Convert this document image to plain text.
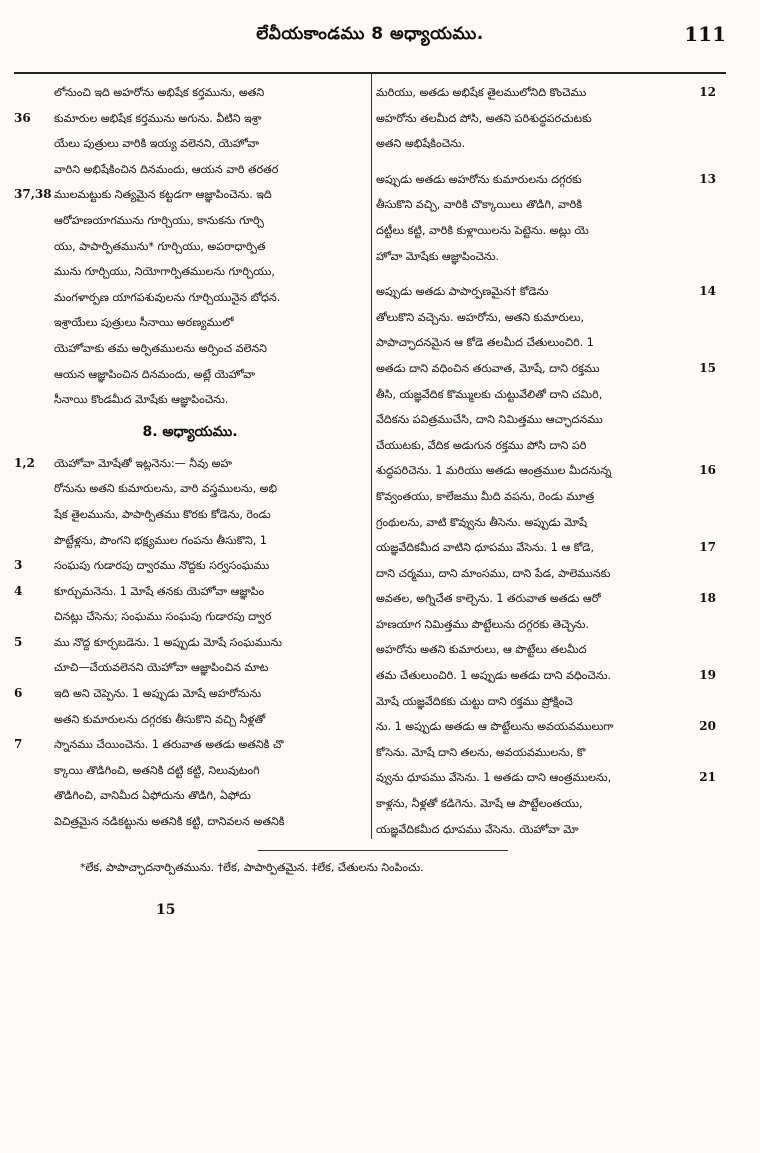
లేవీయకాండము 8 అధ్యాయము.	111
లోనుంచి ఇది అహరోను అభిషేక కర్తమును, అతని
36	కుమారుల అభిషేక కర్తమును అగును. వీటిని ఇశ్రా
యేలు పుత్రులు వారికి ఇయ్య వలెనని, యెహోవా
వారిని అభిషేకించిన దినమందు, ఆయన వారి తరతర
37,38 ములమట్టుకు నిత్యమైన కట్టడగా ఆజ్ఞాపించెను. ఇది
ఆరోహణయాగమును గూర్చియు, కానుకను గూర్చి
యు, పాపార్పితమును* గూర్చియు, అపరాధార్పిత
మును గూర్చియు, నియోగార్పితములను గూర్చియు,
మంగళార్పణ యాగపశువులను గూర్చియునైన బోధన.
ఇశ్రాయేలు పుత్రులు సీనాయి అరణ్యములో
యెహోవాకు తమ అర్పితములను అర్పించ వలెనని
ఆయన ఆజ్ఞాపించిన దినమందు, అట్లే యెహోవా
సీనాయి కొండమీద మోషేకు ఆజ్ఞాపించెను.
8. అధ్యాయము.
1,2	యెహోవా మోషేతో ఇట్లనెను:— నీవు అహ
రోనును అతని కుమారులను, వారి వస్త్రములను, అభి
షేక తైలమును, పాపార్పితము కొరకు కోడెను, రెండు
పొట్టేళ్లను, పొంగని భక్ష్యముల గంపను తీసుకొని, 1
3	సంఘపు గుడారపు ద్వారము నొద్దకు సర్వసంఘము
4	కూర్చుమనెను. 1 మోషే తనకు యెహోవా ఆజ్ఞాపిం
చినట్లు చేసెను; సంఘము సంఘపు గుడారపు ద్వార
5	ము నొద్ద కూర్చబడెను. 1 అప్పుడు మోషే సంఘమును
చూచి—చేయవలెనని యెహోవా ఆజ్ఞాపించిన మాట
6	ఇది అని చెప్పెను. 1 అప్పుడు మోషే అహరోనును
అతని కుమారులను దగ్గరకు తీసుకొని వచ్చి నీళ్లతో
7	స్నానము చేయించెను. 1 తరువాత అతడు అతనికి చొ
క్కాయి తొడిగించి, అతనికి దట్టి కట్టి, నిలువుటంగి
తొడిగించి, వానిమీద ఏఫోదును తొడిగి, ఏఫోదు
విచిత్రమైన నడికట్టును అతనికి కట్టి, దానివలన అతనికి
12
మరియు, అతడు అభిషేక తైలములోనిది కొంచెము
అహరోను తలమీద పోసి, అతని పరిశుద్ధపరచుటకు
అతని అభిషేకించెను.
13
అప్పుడు అతడు అహరోను కుమారులను దగ్గరకు
తీసుకొని వచ్చి, వారికి చొక్కాయిలు తొడిగి, వారికి
దట్టీలు కట్టి, వారికి కుళ్లాయిలను పెట్టెను. అట్లు యె
హోవా మోషేకు ఆజ్ఞాపించెను.
14
అప్పుడు అతడు పాపార్పణమైన† కోడెను
తోలుకొని వచ్చెను. అహరోను, అతని కుమారులు,
పాపాచ్ఛాదనమైన ఆ కోడె తలమీద చేతులుంచిరి. 1
15
అతడు దాని వధించిన తరువాత, మోషే, దాని రక్తము
తీసి, యజ్ఞవేదిక కొమ్ములకు చుట్టువేలితో దాని చమిరి,
వేదికను పవిత్రముచేసి, దాని నిమిత్తము ఆచ్ఛాదనము
చేయుటకు, వేదిక అడుగున రక్తము పోసి దాని పరి
16
శుద్ధపరిచెను. 1 మరియు అతడు ఆంత్రముల మీదనున్న
కొవ్వంతయు, కాలేజము మీది వపను, రెండు మూత్ర
గ్రంథులను, వాటి కొవ్వును తీసెను. అప్పుడు మోషే
17
యజ్ఞవేదికమీద వాటిని ధూపము వేసెను. 1 ఆ కోడె,
దాని చర్మము, దాని మాంసము, దాని పేడ, పాలెమునకు
18
అవతల, అగ్నిచేత కాల్చెను. 1 తరువాత అతడు ఆరో
హణయాగ నిమిత్తము పొట్టేలును దగ్గరకు తెచ్చెను.
అహరోను అతని కుమారులు, ఆ పొట్టేలు తలమీద
19
తమ చేతులుంచిరి. 1 అప్పుడు అతడు దాని వధించెను.
మోషే యజ్ఞవేదికకు చుట్టు దాని రక్తము ప్రోక్షించె
20
ను. 1 అప్పుడు అతడు ఆ పొట్టేలును అవయవములుగా
కోసెను. మోషే దాని తలను, అవయవములను, కొ
21
వ్వును ధూపము వేసెను. 1 అతడు దాని ఆంత్రములను,
కాళ్లను, నీళ్లతో కడిగెను. మోషే ఆ పొట్టేలంతయు,
యజ్ఞవేదికమీద ధూపము వేసెను. యెహోవా మో
*లేక, పాపాచ్ఛాదనార్పితమును. †లేక, పాపార్పితమైన. ‡లేక, చేతులను నింపించు.
15
